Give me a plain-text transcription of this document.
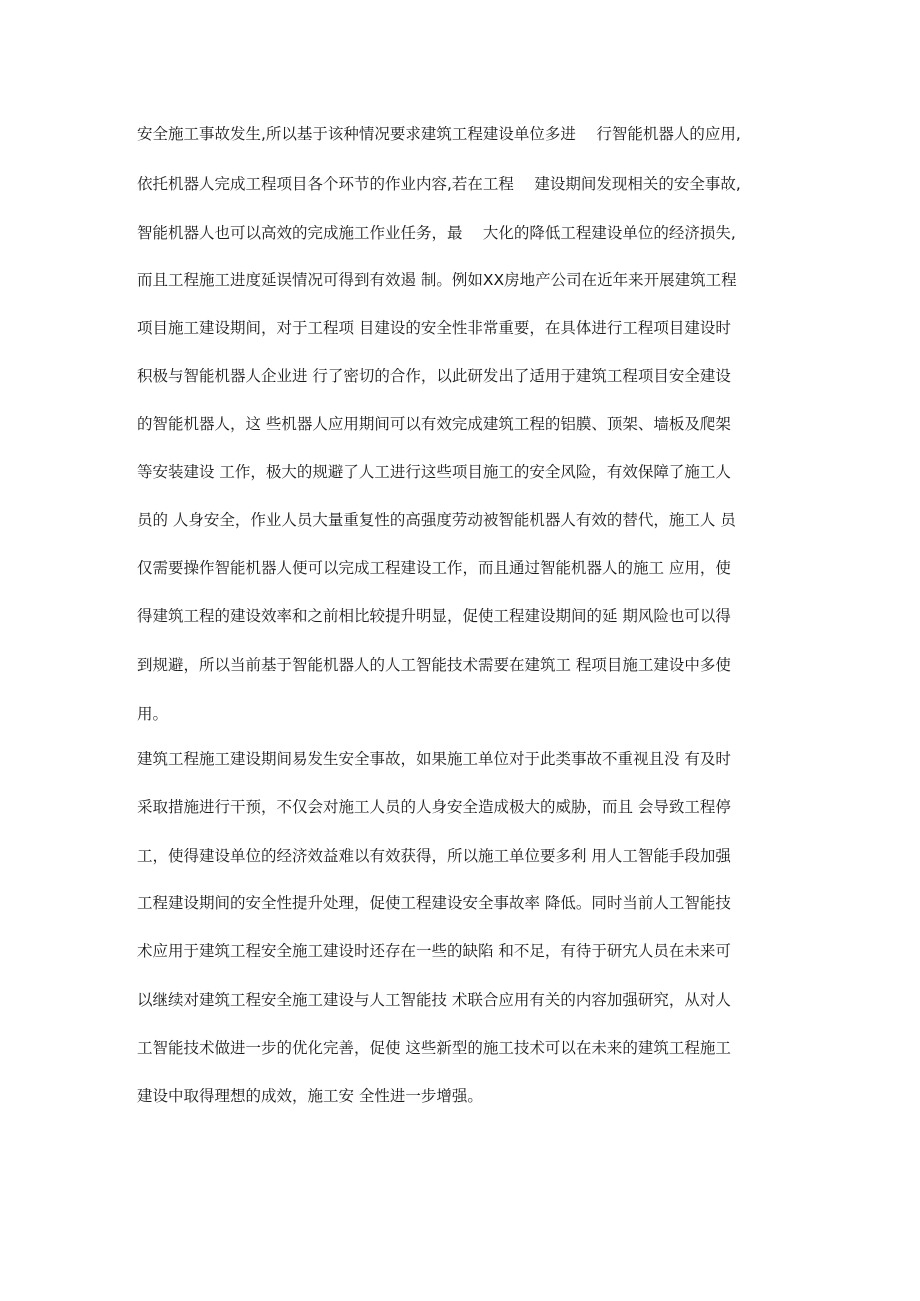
安全施工事故发生,所以基于该种情况要求建筑工程建设单位多进　 行智能机器人的应用,
依托机器人完成工程项目各个环节的作业内容,若在工程　 建设期间发现相关的安全事故,
智能机器人也可以高效的完成施工作业任务，最　 大化的降低工程建设单位的经济损失,
而且工程施工进度延误情况可得到有效遏 制。例如XX房地产公司在近年来开展建筑工程
项目施工建设期间，对于工程项 目建设的安全性非常重要，在具体进行工程项目建设时
积极与智能机器人企业进 行了密切的合作，以此研发出了适用于建筑工程项目安全建设
的智能机器人，这 些机器人应用期间可以有效完成建筑工程的铝膜、顶架、墙板及爬架
等安装建设 工作，极大的规避了人工进行这些项目施工的安全风险，有效保障了施工人
员的 人身安全，作业人员大量重复性的高强度劳动被智能机器人有效的替代，施工人 员
仅需要操作智能机器人便可以完成工程建设工作，而且通过智能机器人的施工 应用，使
得建筑工程的建设效率和之前相比较提升明显，促使工程建设期间的延 期风险也可以得
到规避，所以当前基于智能机器人的人工智能技术需要在建筑工 程项目施工建设中多使
用。
建筑工程施工建设期间易发生安全事故，如果施工单位对于此类事故不重视且没 有及时
采取措施进行干预，不仅会对施工人员的人身安全造成极大的威胁，而且 会导致工程停
工，使得建设单位的经济效益难以有效获得，所以施工单位要多利 用人工智能手段加强
工程建设期间的安全性提升处理，促使工程建设安全事故率 降低。同时当前人工智能技
术应用于建筑工程安全施工建设时还存在一些的缺陷 和不足，有待于研宄人员在未来可
以继续对建筑工程安全施工建设与人工智能技 术联合应用有关的内容加强研究，从对人
工智能技术做进一步的优化完善，促使 这些新型的施工技术可以在未来的建筑工程施工
建设中取得理想的成效，施工安 全性进一步增强。
